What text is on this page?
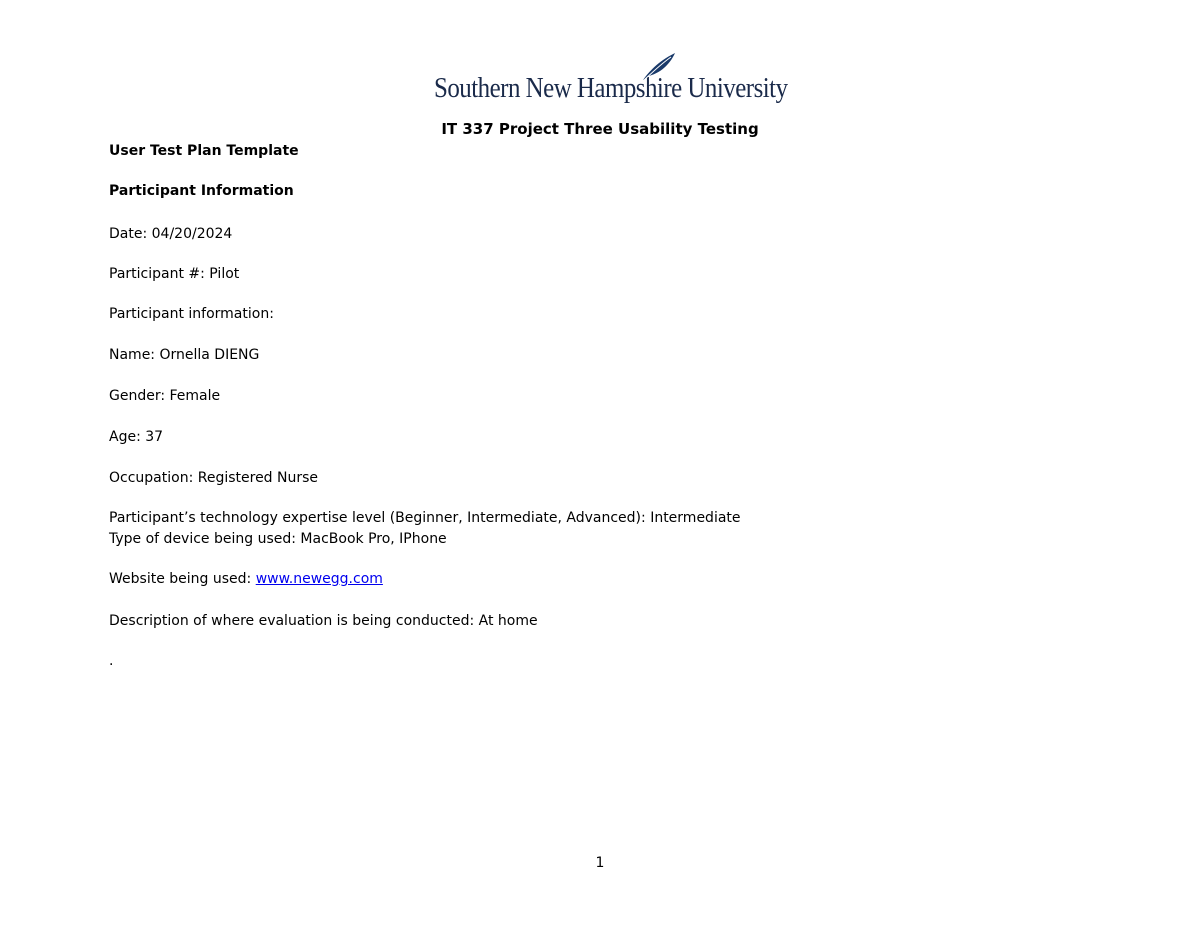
Southern New Hampshire University
IT 337 Project Three Usability Testing
User Test Plan Template
Participant Information
Date: 04/20/2024
Participant #: Pilot
Participant information:
Name: Ornella DIENG
Gender: Female
Age: 37
Occupation: Registered Nurse
Participant’s technology expertise level (Beginner, Intermediate, Advanced): Intermediate
Type of device being used: MacBook Pro, IPhone
Website being used: www.newegg.com
Description of where evaluation is being conducted: At home
.
1
